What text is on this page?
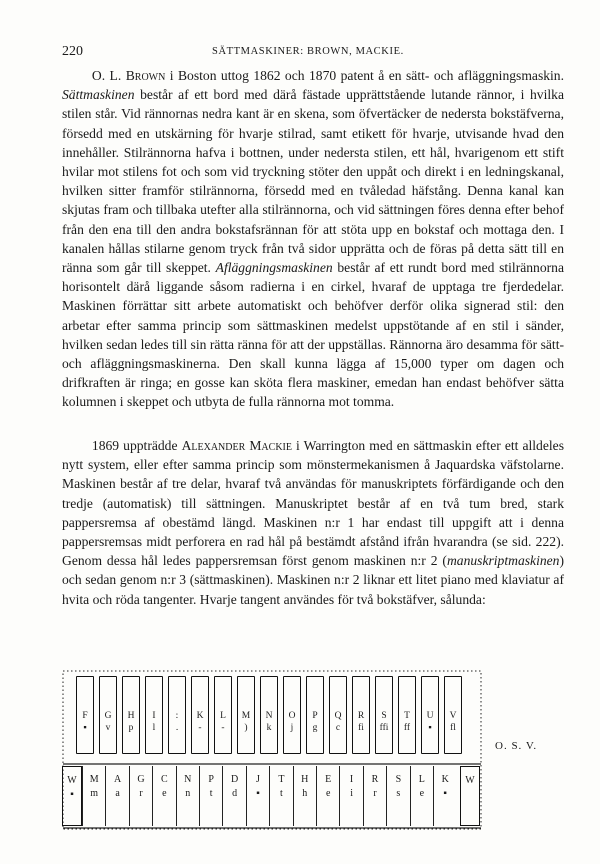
220	SÄTTMASKINER: BROWN, MACKIE.

O. L. Brown i Boston uttog 1862 och 1870 patent å en sätt- och afläggningsmaskin. Sättmaskinen består af ett bord med därå fästade upprättstående lutande rännor, i hvilka stilen står. Vid rännornas nedra kant är en skena, som öfvertäcker de nedersta bokstäfverna, försedd med en utskärning för hvarje stilrad, samt etikett för hvarje, utvisande hvad den innehåller. Stilrännorna hafva i bottnen, under nedersta stilen, ett hål, hvarigenom ett stift hvilar mot stilens fot och som vid tryckning stöter den uppåt och direkt i en ledningskanal, hvilken sitter framför stilrännorna, försedd med en tvåledad häfstång. Denna kanal kan skjutas fram och tillbaka utefter alla stilrännorna, och vid sättningen föres denna efter behof från den ena till den andra bokstafsrännan för att stöta upp en bokstaf och mottaga den. I kanalen hållas stilarne genom tryck från två sidor upprätta och de föras på detta sätt till en ränna som går till skeppet. Afläggningsmaskinen består af ett rundt bord med stilrännorna horisontelt därå liggande såsom radierna i en cirkel, hvaraf de upptaga tre fjerdedelar. Maskinen förrättar sitt arbete automatiskt och behöfver derför olika signerad stil: den arbetar efter samma princip som sättmaskinen medelst uppstötande af en stil i sänder, hvilken sedan ledes till sin rätta ränna för att der uppställas. Rännorna äro desamma för sätt- och afläggningsmaskinerna. Den skall kunna lägga af 15,000 typer om dagen och drifkraften är ringa; en gosse kan sköta flera maskiner, emedan han endast behöfver sätta kolumnen i skeppet och utbyta de fulla rännorna mot tomma.

1869 uppträdde Alexander Mackie i Warrington med en sättmaskin efter ett alldeles nytt system, eller efter samma princip som mönstermekanismen å Jaquardska väfstolarne. Maskinen består af tre delar, hvaraf två användas för manuskriptets förfärdigande och den tredje (automatisk) till sättningen. Manuskriptet består af en två tum bred, stark pappersremsa af obestämd längd. Maskinen n:r 1 har endast till uppgift att i denna pappersremsas midt perforera en rad hål på bestämdt afstånd ifrån hvarandra (se sid. 222). Genom dessa hål ledes pappersremsan först genom maskinen n:r 2 (manuskriptmaskinen) och sedan genom n:r 3 (sättmaskinen). Maskinen n:r 2 liknar ett litet piano med klaviatur af hvita och röda tangenter. Hvarje tangent användes för två bokstäfver, sålunda:

F
▪
G
v
H
p
I
l
:
.
K
-
L
-
M
)
N
k
O
j
P
g
Q
c
R
fi
S
ffi
T
ff
U
▪
V
fl
W
▪
M
m
A
a
G
r
C
e
N
n
P
t
D
d
J
▪
T
t
H
h
E
e
I
i
R
r
S
s
L
e
K
▪
W
O. S. V.
